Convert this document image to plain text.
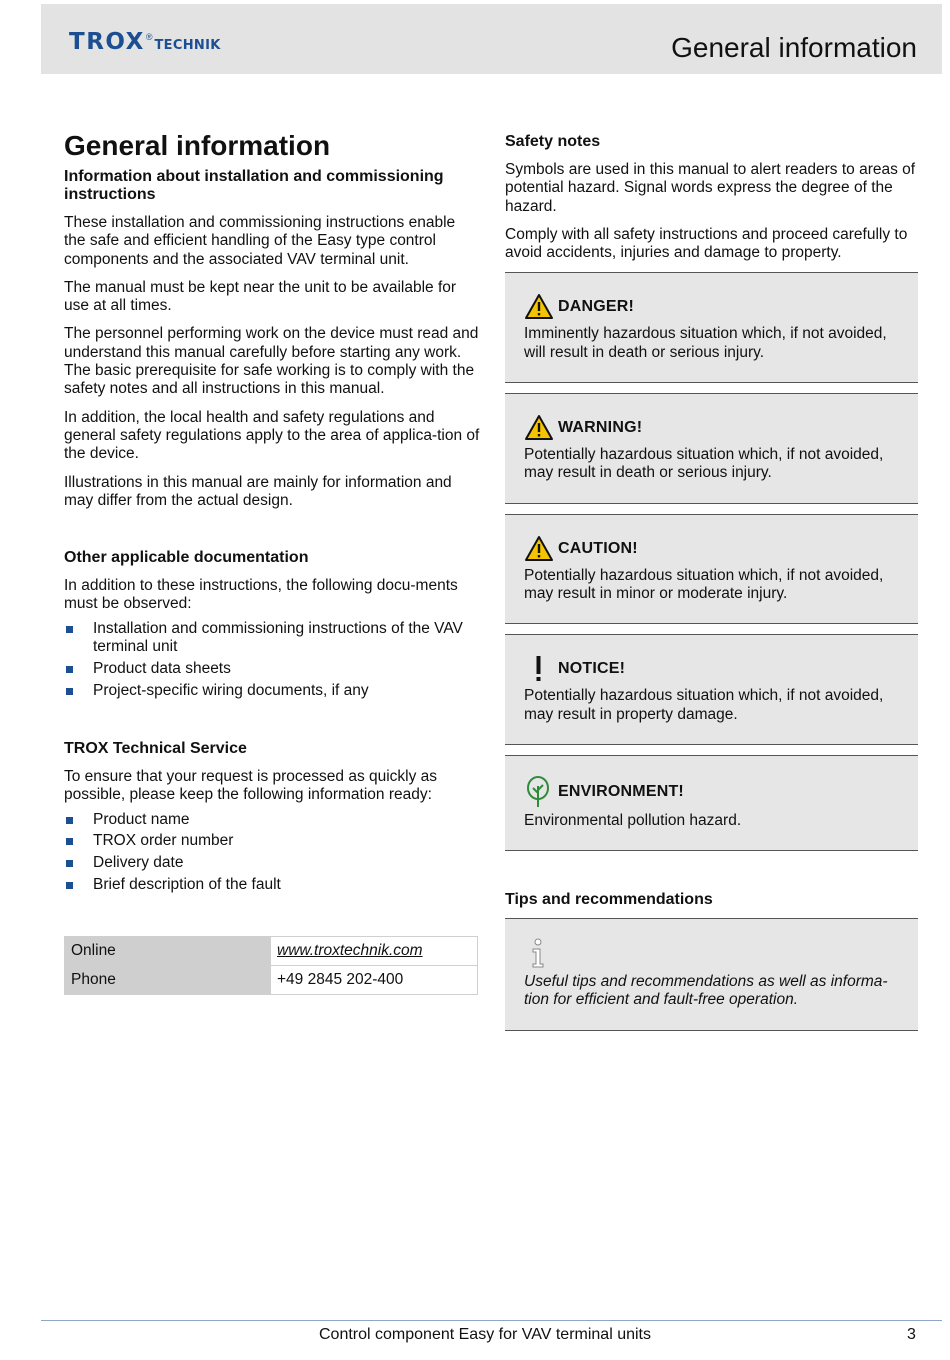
TROX ®
TECHNIK	General information
General information
Information about installation and commissioning instructions

These installation and commissioning instructions enable the safe and efficient handling of the Easy type control components and the associated VAV terminal unit.

The manual must be kept near the unit to be available for use at all times.

The personnel performing work on the device must read and understand this manual carefully before starting any work. The basic prerequisite for safe working is to comply with the safety notes and all instructions in this manual.

In addition, the local health and safety regulations and general safety regulations apply to the area of applica-tion of the device.

Illustrations in this manual are mainly for information and may differ from the actual design.

Other applicable documentation

In addition to these instructions, the following docu-ments must be observed:

Installation and commissioning instructions of the VAV terminal unit
Product data sheets
Project-specific wiring documents, if any
TROX Technical Service

To ensure that your request is processed as quickly as possible, please keep the following information ready:

Product name
TROX order number
Delivery date
Brief description of the fault
Online	www.troxtechnik.com
Phone	+49 2845 202-400
Safety notes

Symbols are used in this manual to alert readers to areas of potential hazard. Signal words express the degree of the hazard.

Comply with all safety instructions and proceed carefully to avoid accidents, injuries and damage to property.

DANGER!

Imminently hazardous situation which, if not avoided, will result in death or serious injury.

WARNING!

Potentially hazardous situation which, if not avoided, may result in death or serious injury.

CAUTION!

Potentially hazardous situation which, if not avoided, may result in minor or moderate injury.

NOTICE!

Potentially hazardous situation which, if not avoided, may result in property damage.

ENVIRONMENT!

Environmental pollution hazard.

Tips and recommendations

Useful tips and recommendations as well as informa-tion for efficient and fault-free operation.

Control component Easy for VAV terminal units	3
